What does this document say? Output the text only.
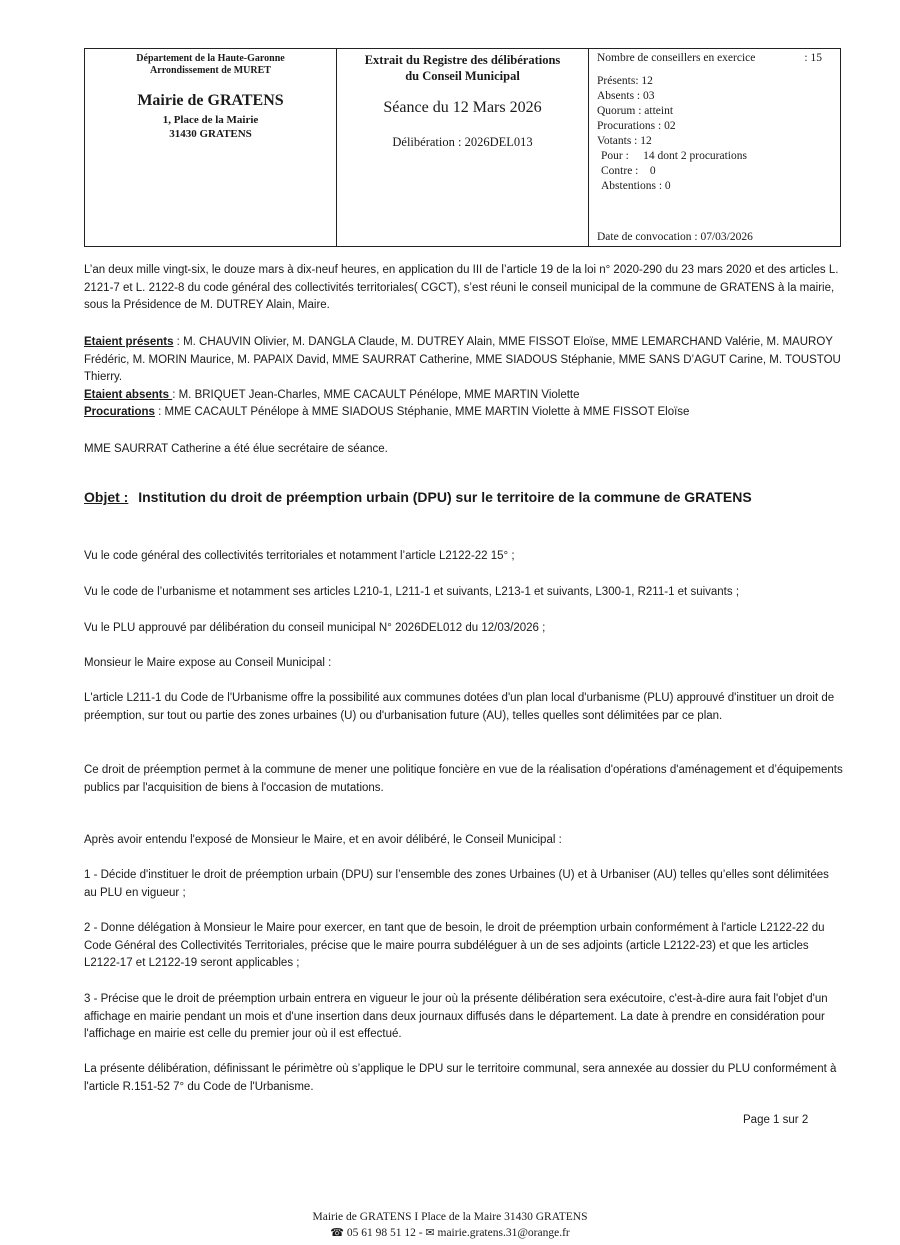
Département de la Haute-Garonne
Arrondissement de MURET
Mairie de GRATENS
1, Place de la Mairie
31430 GRATENS
Extrait du Registre des délibérations
du Conseil Municipal
Séance du 12 Mars 2026
Délibération : 2026DEL013
Nombre de conseillers en exercice	: 15
Présents: 12
Absents : 03
Quorum : atteint
Procurations : 02
Votants : 12
Pour :     14 dont 2 procurations
Contre :    0
Abstentions : 0
Date de convocation : 07/03/2026
L’an deux mille vingt-six, le douze mars à dix-neuf heures, en application du III de l’article 19 de la loi n° 2020-290 du 23 mars 2020 et des articles L. 2121-7 et L. 2122-8 du code général des collectivités territoriales( CGCT), s’est réuni le conseil municipal de la commune de GRATENS à la mairie, sous la Présidence de M. DUTREY Alain, Maire.
Etaient présents : M. CHAUVIN Olivier, M. DANGLA Claude, M. DUTREY Alain, MME FISSOT Eloïse, MME LEMARCHAND Valérie, M. MAUROY Frédéric, M. MORIN Maurice, M. PAPAIX David, MME SAURRAT Catherine, MME SIADOUS Stéphanie, MME SANS D’AGUT Carine, M. TOUSTOU Thierry.
Etaient absents : M. BRIQUET Jean-Charles, MME CACAULT Pénélope, MME MARTIN Violette
Procurations : MME CACAULT Pénélope à MME SIADOUS Stéphanie, MME MARTIN Violette à MME FISSOT Eloïse
MME SAURRAT Catherine a été élue secrétaire de séance.
Objet : Institution du droit de préemption urbain (DPU) sur le territoire de la commune de GRATENS
Vu le code général des collectivités territoriales et notamment l’article L2122-22 15° ;
Vu le code de l’urbanisme et notamment ses articles L210-1, L211-1 et suivants, L213-1 et suivants, L300-1, R211-1 et suivants ;
Vu le PLU approuvé par délibération du conseil municipal N° 2026DEL012 du 12/03/2026 ;
Monsieur le Maire expose au Conseil Municipal :
L'article L211-1 du Code de l'Urbanisme offre la possibilité aux communes dotées d'un plan local d'urbanisme (PLU) approuvé d'instituer un droit de préemption, sur tout ou partie des zones urbaines (U) ou d'urbanisation future (AU), telles quelles sont délimitées par ce plan.
Ce droit de préemption permet à la commune de mener une politique foncière en vue de la réalisation d'opérations d'aménagement et d’équipements publics par l'acquisition de biens à l'occasion de mutations.
Après avoir entendu l'exposé de Monsieur le Maire, et en avoir délibéré, le Conseil Municipal :
1 - Décide d'instituer le droit de préemption urbain (DPU) sur l’ensemble des zones Urbaines (U) et à Urbaniser (AU) telles qu’elles sont délimitées au PLU en vigueur ;
2 - Donne délégation à Monsieur le Maire pour exercer, en tant que de besoin, le droit de préemption urbain conformément à l'article L2122-22 du Code Général des Collectivités Territoriales, précise que le maire pourra subdéléguer à un de ses adjoints (article L2122-23) et que les articles L2122-17 et L2122-19 seront applicables ;
3 - Précise que le droit de préemption urbain entrera en vigueur le jour où la présente délibération sera exécutoire, c'est-à-dire aura fait l'objet d'un affichage en mairie pendant un mois et d'une insertion dans deux journaux diffusés dans le département. La date à prendre en considération pour l'affichage en mairie est celle du premier jour où il est effectué.
La présente délibération, définissant le périmètre où s’applique le DPU sur le territoire communal, sera annexée au dossier du PLU conformément à l'article R.151-52 7° du Code de l'Urbanisme.
Page 1 sur 2
Mairie de GRATENS I Place de la Maire 31430 GRATENS
☎ 05 61 98 51 12 - ✉ mairie.gratens.31@orange.fr
